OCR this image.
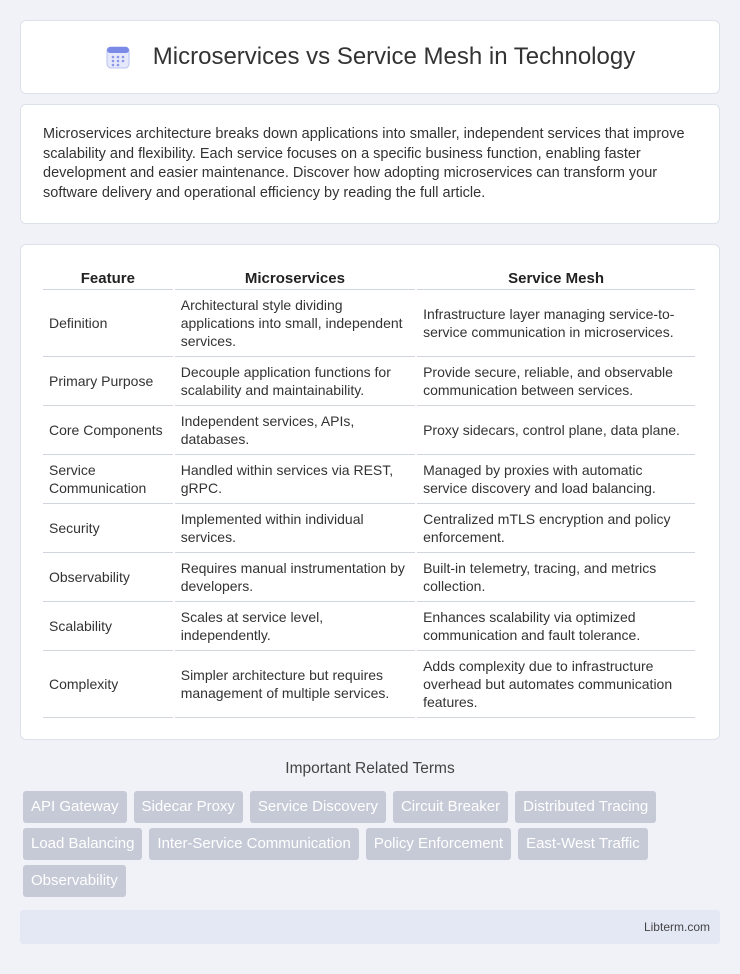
Microservices vs Service Mesh in Technology

Microservices architecture breaks down applications into smaller, independent services that improve scalability and flexibility. Each service focuses on a specific business function, enabling faster development and easier maintenance. Discover how adopting microservices can transform your software delivery and operational efficiency by reading the full article.

Feature	Microservices	Service Mesh
Definition	Architectural style dividing applications into small, independent services.	Infrastructure layer managing service-to-service communication in microservices.
Primary Purpose	Decouple application functions for scalability and maintainability.	Provide secure, reliable, and observable communication between services.
Core Components	Independent services, APIs, databases.	Proxy sidecars, control plane, data plane.
Service Communication	Handled within services via REST, gRPC.	Managed by proxies with automatic service discovery and load balancing.
Security	Implemented within individual services.	Centralized mTLS encryption and policy enforcement.
Observability	Requires manual instrumentation by developers.	Built-in telemetry, tracing, and metrics collection.
Scalability	Scales at service level, independently.	Enhances scalability via optimized communication and fault tolerance.
Complexity	Simpler architecture but requires management of multiple services.	Adds complexity due to infrastructure overhead but automates communication features.
Important Related Terms
API Gateway	Sidecar Proxy	Service Discovery	Circuit Breaker	Distributed Tracing
Load Balancing	Inter-Service Communication	Policy Enforcement	East-West Traffic
Observability
Libterm.com
